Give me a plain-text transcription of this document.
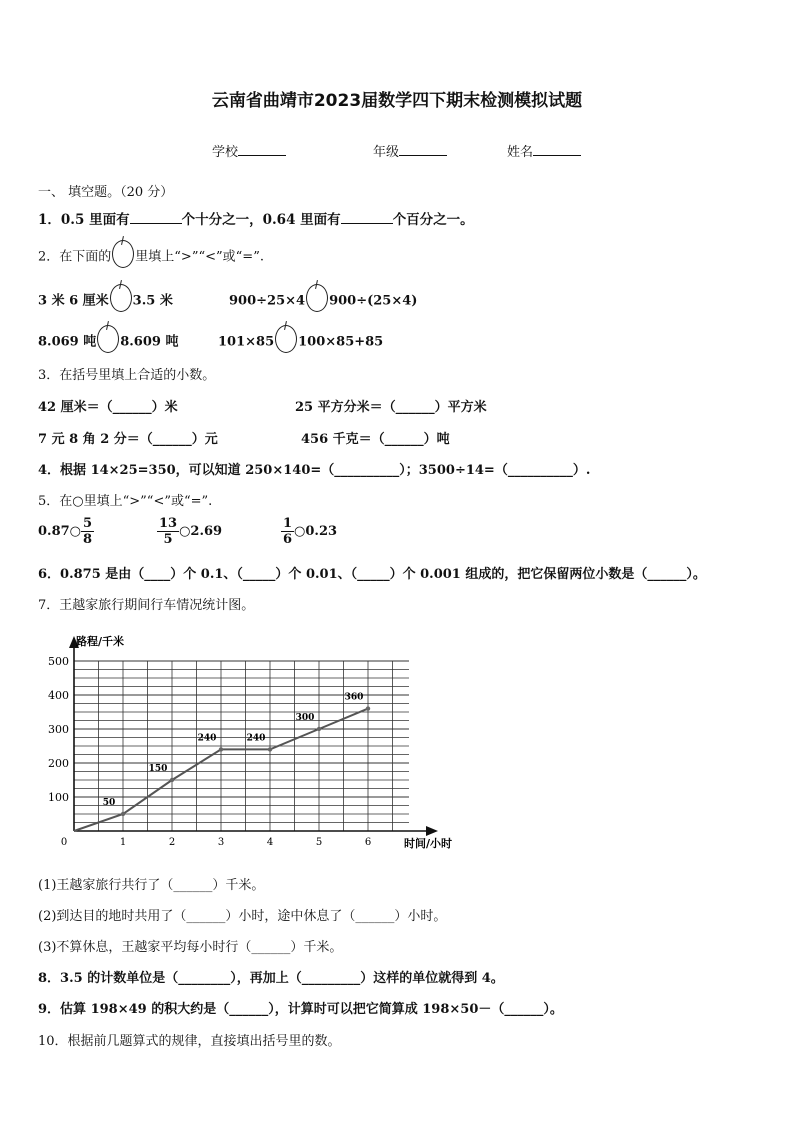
云南省曲靖市2023届数学四下期末检测模拟试题
学校	年级	姓名
一、 填空题。（20 分）
1．0.5 里面有	个十分之一，0.64 里面有	个百分之一。
2．在下面的 里填上“>”“<”或“=”.
3 米 6 厘米 3.5 米	900÷25×4 900÷(25×4)
8.069 吨 8.609 吨	101×85 100×85+85
3．在括号里填上合适的小数。
42 厘米＝（______）米	25 平方分米＝（______）平方米
7 元 8 角 2 分＝（______）元	456 千克＝（______）吨
4．根据 14×25=350，可以知道 250×140=（__________）；3500÷14=（__________）.
5．在○里填上“>”“<”或“=”.
0.87○ $\frac{5}{8}$	$\frac{13}{5}$ ○2.69	$\frac{1}{6}$ ○0.23
6．0.875 是由（____）个 0.1、（_____）个 0.01、（_____）个 0.001 组成的，把它保留两位小数是（______）。
7．王越家旅行期间行车情况统计图。
0	1	2	3	4	5	6
100
200
300
400
500
50
150
240	240
300
360
路程/千米
时间/小时
(1)王越家旅行共行了（______）千米。
(2)到达目的地时共用了（______）小时，途中休息了（______）小时。
(3)不算休息，王越家平均每小时行（______）千米。
8．3.5 的计数单位是（________），再加上（_________）这样的单位就得到 4。
9．估算 198×49 的积大约是（______），计算时可以把它简算成 198×50－（______）。
10．根据前几题算式的规律，直接填出括号里的数。
